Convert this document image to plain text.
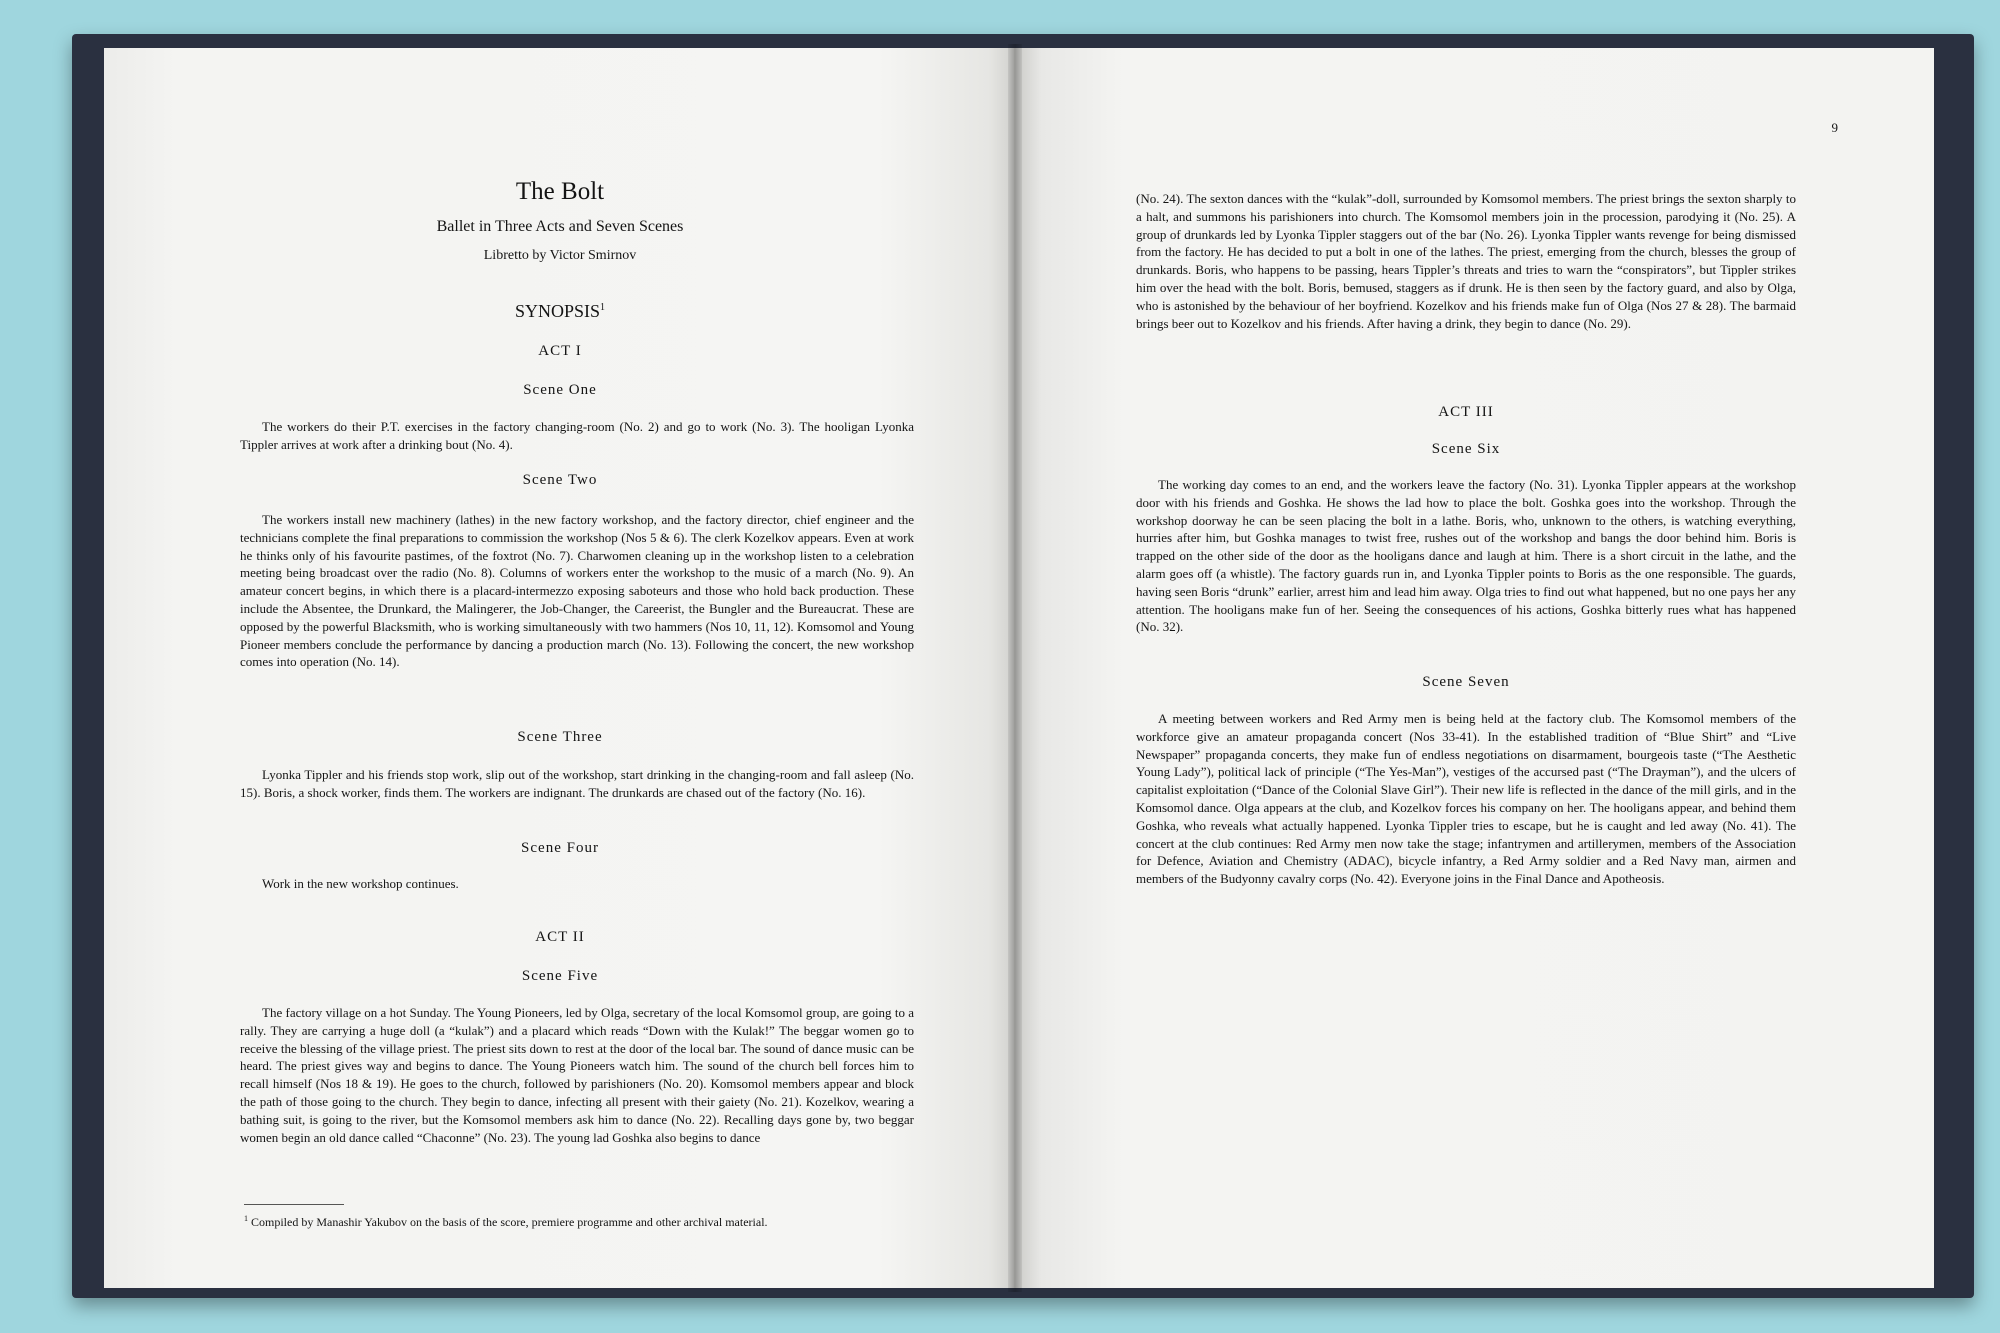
The Bolt
Ballet in Three Acts and Seven Scenes
Libretto by Victor Smirnov
SYNOPSIS$^1$
ACT I
Scene One

The workers do their P.T. exercises in the factory changing-room (No. 2) and go to work (No. 3). The hooligan Lyonka Tippler arrives at work after a drinking bout (No. 4).

Scene Two

The workers install new machinery (lathes) in the new factory workshop, and the factory director, chief engineer and the technicians complete the final preparations to commission the workshop (Nos 5 & 6). The clerk Kozelkov appears. Even at work he thinks only of his favourite pastimes, of the foxtrot (No. 7). Charwomen cleaning up in the workshop listen to a celebration meeting being broadcast over the radio (No. 8). Columns of workers enter the workshop to the music of a march (No. 9). An amateur concert begins, in which there is a placard-intermezzo exposing saboteurs and those who hold back production. These include the Absentee, the Drunkard, the Malingerer, the Job-Changer, the Careerist, the Bungler and the Bureaucrat. These are opposed by the powerful Blacksmith, who is working simultaneously with two hammers (Nos 10, 11, 12). Komsomol and Young Pioneer members conclude the performance by dancing a production march (No. 13). Following the concert, the new workshop comes into operation (No. 14).

Scene Three

Lyonka Tippler and his friends stop work, slip out of the workshop, start drinking in the changing-room and fall asleep (No. 15). Boris, a shock worker, finds them. The workers are indignant. The drunkards are chased out of the factory (No. 16).

Scene Four

Work in the new workshop continues.

ACT II
Scene Five

The factory village on a hot Sunday. The Young Pioneers, led by Olga, secretary of the local Komsomol group, are going to a rally. They are carrying a huge doll (a “kulak”) and a placard which reads “Down with the Kulak!” The beggar women go to receive the blessing of the village priest. The priest sits down to rest at the door of the local bar. The sound of dance music can be heard. The priest gives way and begins to dance. The Young Pioneers watch him. The sound of the church bell forces him to recall himself (Nos 18 & 19). He goes to the church, followed by parishioners (No. 20). Komsomol members appear and block the path of those going to the church. They begin to dance, infecting all present with their gaiety (No. 21). Kozelkov, wearing a bathing suit, is going to the river, but the Komsomol members ask him to dance (No. 22). Recalling days gone by, two beggar women begin an old dance called “Chaconne” (No. 23). The young lad Goshka also begins to dance

$^1$ Compiled by Manashir Yakubov on the basis of the score, premiere programme and other archival material.
9

(No. 24). The sexton dances with the “kulak”-doll, surrounded by Komsomol members. The priest brings the sexton sharply to a halt, and summons his parishioners into church. The Komsomol members join in the procession, parodying it (No. 25). A group of drunkards led by Lyonka Tippler staggers out of the bar (No. 26). Lyonka Tippler wants revenge for being dismissed from the factory. He has decided to put a bolt in one of the lathes. The priest, emerging from the church, blesses the group of drunkards. Boris, who happens to be passing, hears Tippler’s threats and tries to warn the “conspirators”, but Tippler strikes him over the head with the bolt. Boris, bemused, staggers as if drunk. He is then seen by the factory guard, and also by Olga, who is astonished by the behaviour of her boyfriend. Kozelkov and his friends make fun of Olga (Nos 27 & 28). The barmaid brings beer out to Kozelkov and his friends. After having a drink, they begin to dance (No. 29).

ACT III
Scene Six

The working day comes to an end, and the workers leave the factory (No. 31). Lyonka Tippler appears at the workshop door with his friends and Goshka. He shows the lad how to place the bolt. Goshka goes into the workshop. Through the workshop doorway he can be seen placing the bolt in a lathe. Boris, who, unknown to the others, is watching everything, hurries after him, but Goshka manages to twist free, rushes out of the workshop and bangs the door behind him. Boris is trapped on the other side of the door as the hooligans dance and laugh at him. There is a short circuit in the lathe, and the alarm goes off (a whistle). The factory guards run in, and Lyonka Tippler points to Boris as the one responsible. The guards, having seen Boris “drunk” earlier, arrest him and lead him away. Olga tries to find out what happened, but no one pays her any attention. The hooligans make fun of her. Seeing the consequences of his actions, Goshka bitterly rues what has happened (No. 32).

Scene Seven

A meeting between workers and Red Army men is being held at the factory club. The Komsomol members of the workforce give an amateur propaganda concert (Nos 33-41). In the established tradition of “Blue Shirt” and “Live Newspaper” propaganda concerts, they make fun of endless negotiations on disarmament, bourgeois taste (“The Aesthetic Young Lady”), political lack of principle (“The Yes-Man”), vestiges of the accursed past (“The Drayman”), and the ulcers of capitalist exploitation (“Dance of the Colonial Slave Girl”). Their new life is reflected in the dance of the mill girls, and in the Komsomol dance. Olga appears at the club, and Kozelkov forces his company on her. The hooligans appear, and behind them Goshka, who reveals what actually happened. Lyonka Tippler tries to escape, but he is caught and led away (No. 41). The concert at the club continues: Red Army men now take the stage; infantrymen and artillerymen, members of the Association for Defence, Aviation and Chemistry (ADAC), bicycle infantry, a Red Army soldier and a Red Navy man, airmen and members of the Budyonny cavalry corps (No. 42). Everyone joins in the Final Dance and Apotheosis.
